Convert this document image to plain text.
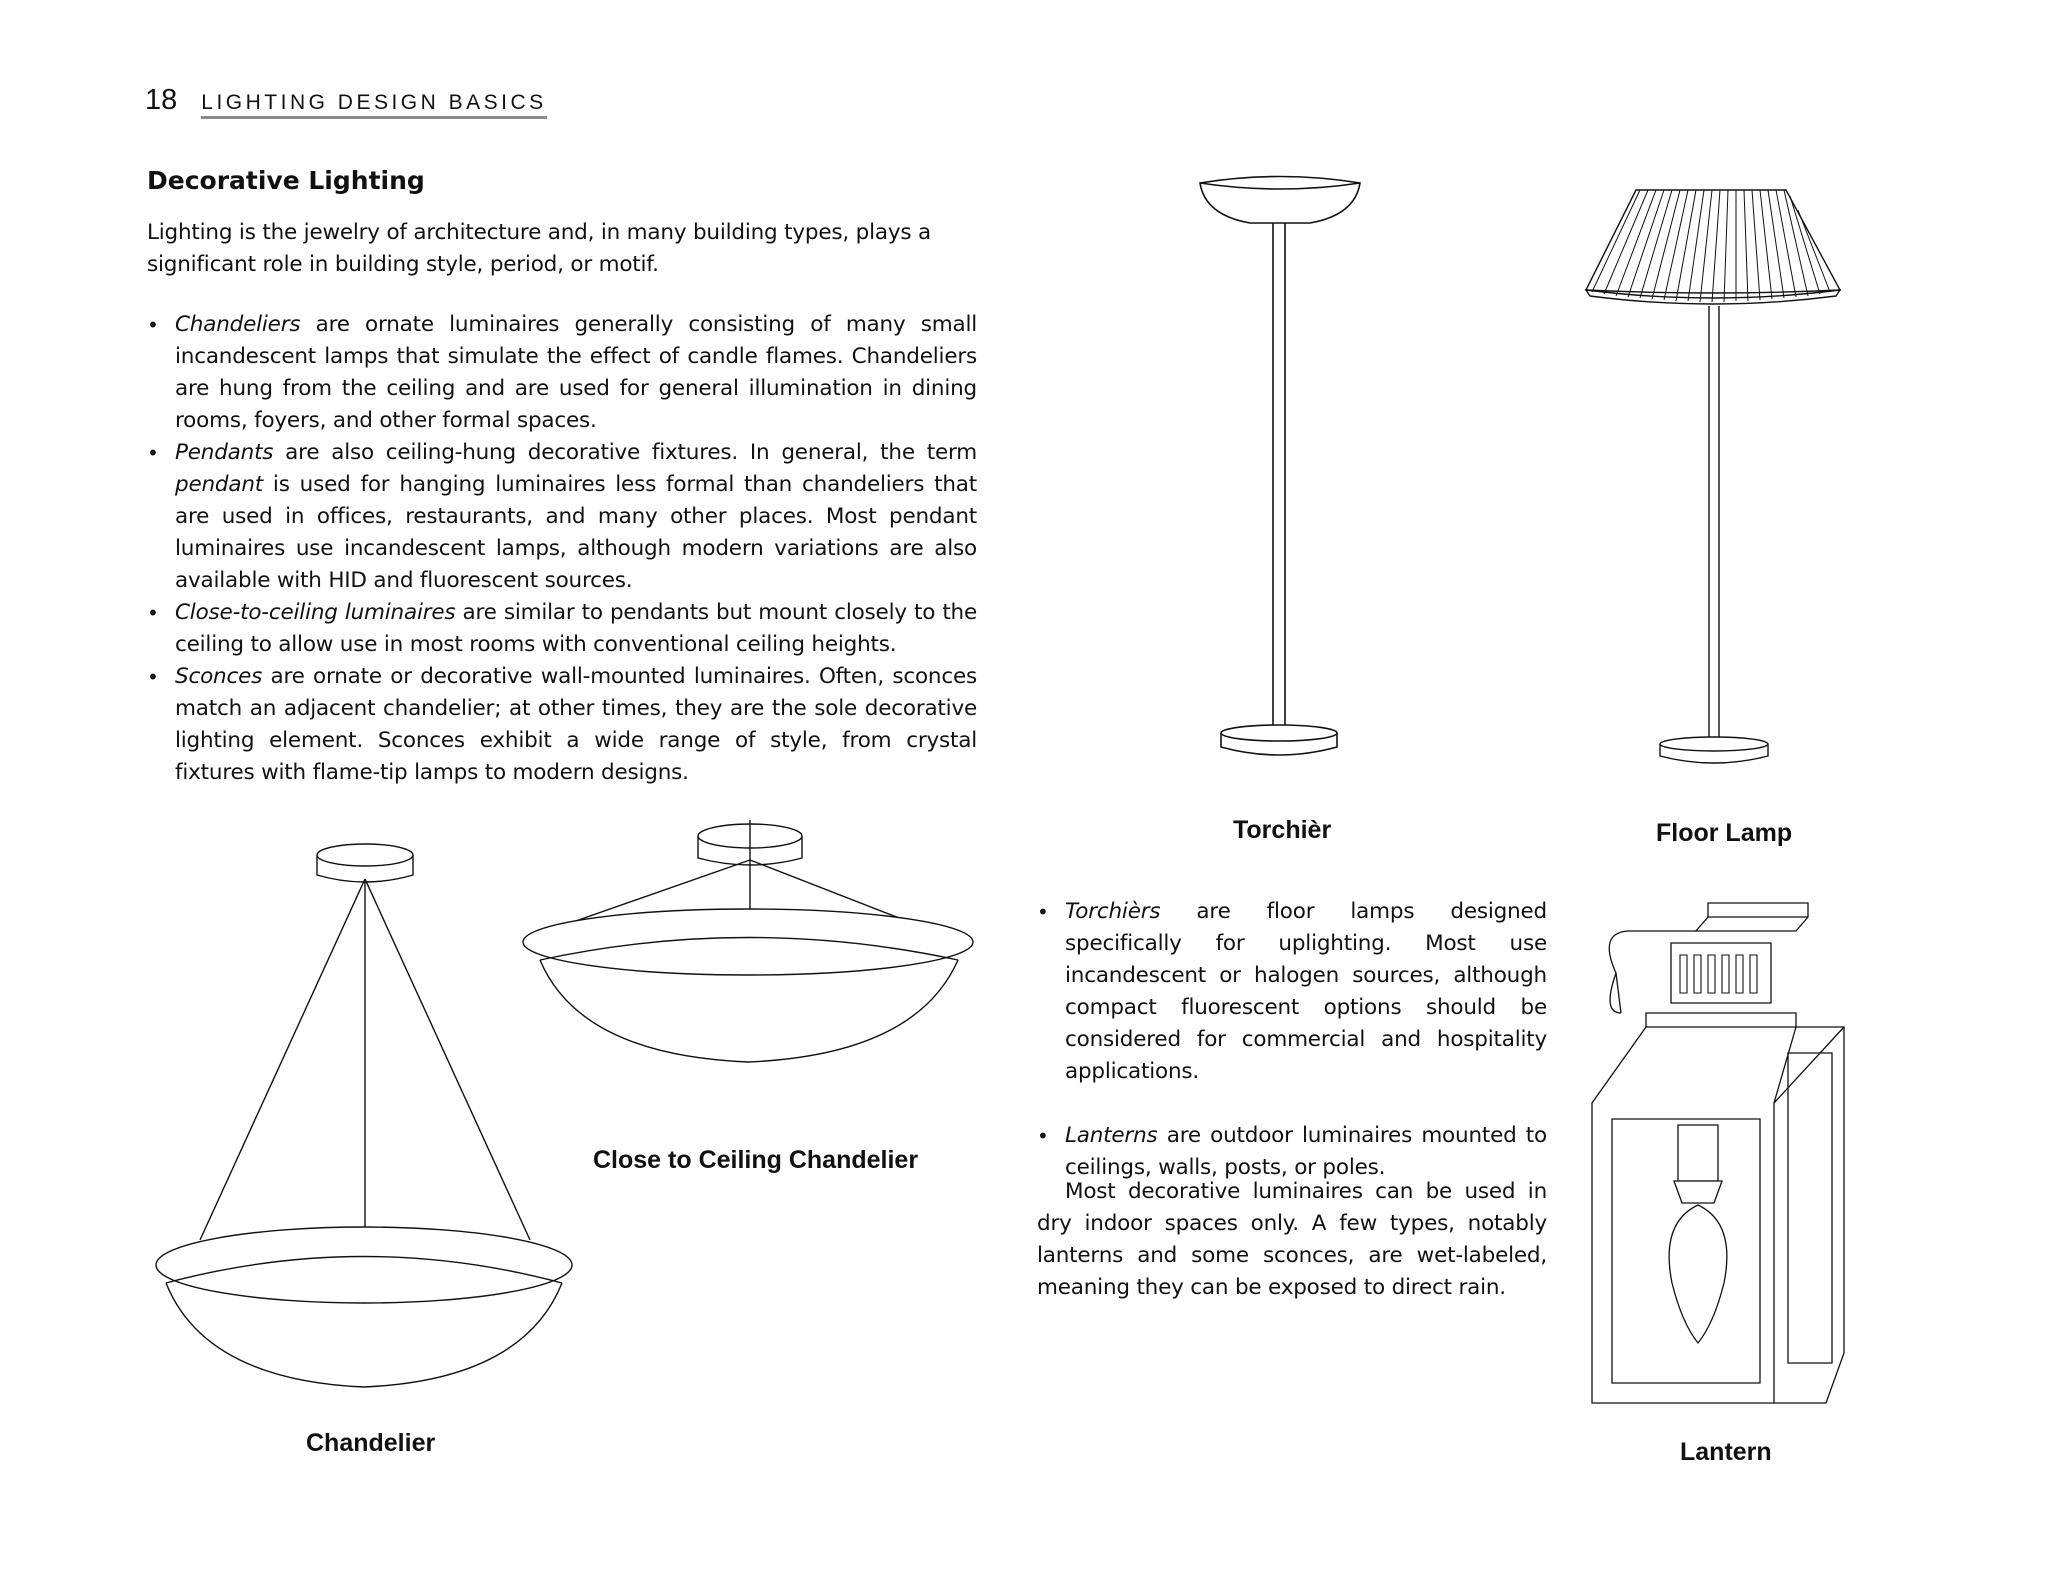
18 LIGHTING DESIGN BASICS
Decorative Lighting

Lighting is the jewelry of architecture and, in many building types, plays a significant role in building style, period, or motif.

• Chandeliers are ornate luminaires generally consisting of many small incandescent lamps that simulate the effect of candle flames. Chandeliers are hung from the ceiling and are used for general illumination in dining rooms, foyers, and other formal spaces.
• Pendants are also ceiling-hung decorative fixtures. In general, the term pendant is used for hanging luminaires less formal than chandeliers that are used in offices, restaurants, and many other places. Most pendant luminaires use incandescent lamps, although modern variations are also available with HID and fluorescent sources.
• Close-to-ceiling luminaires are similar to pendants but mount closely to the ceiling to allow use in most rooms with conventional ceiling heights.
• Sconces are ornate or decorative wall-mounted luminaires. Often, sconces match an adjacent chandelier; at other times, they are the sole decorative lighting element. Sconces exhibit a wide range of style, from crystal fixtures with flame-tip lamps to modern designs.
• Torchièrs are floor lamps designed specifically for uplighting. Most use incandescent or halogen sources, although compact fluorescent options should be considered for commercial and hospitality applications.
• Lanterns are outdoor luminaires mounted to ceilings, walls, posts, or poles.

Most decorative luminaires can be used in dry indoor spaces only. A few types, notably lanterns and some sconces, are wet-labeled, meaning they can be exposed to direct rain.

Torchièr	Floor Lamp
Close to Ceiling Chandelier
Chandelier	Lantern
